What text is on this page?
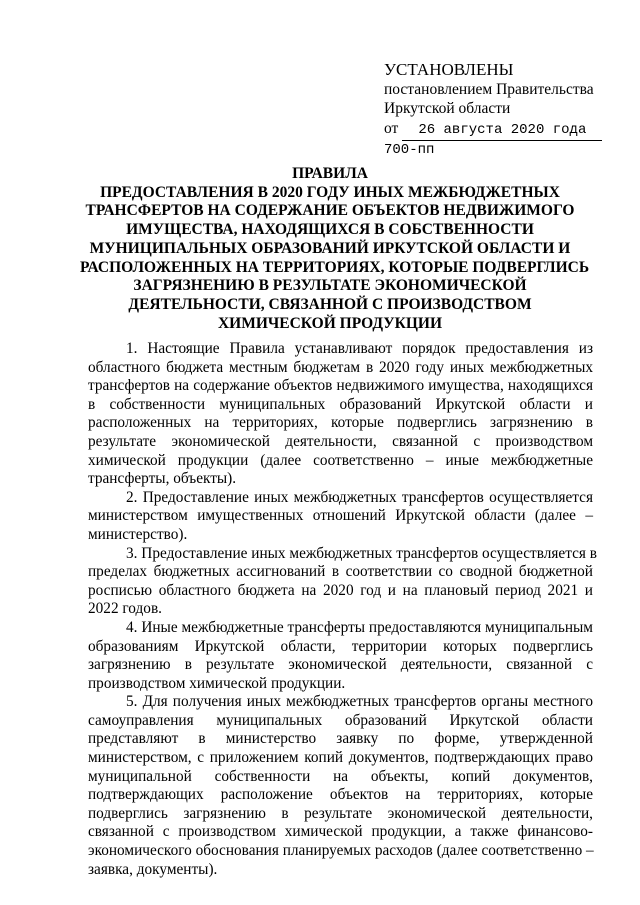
УСТАНОВЛЕНЫ
постановлением Правительства
Иркутской области
от 26 августа 2020 года
700-пп
ПРАВИЛА
ПРЕДОСТАВЛЕНИЯ В 2020 ГОДУ ИНЫХ МЕЖБЮДЖЕТНЫХ
ТРАНСФЕРТОВ НА СОДЕРЖАНИЕ ОБЪЕКТОВ НЕДВИЖИМОГО
ИМУЩЕСТВА, НАХОДЯЩИХСЯ В СОБСТВЕННОСТИ
МУНИЦИПАЛЬНЫХ ОБРАЗОВАНИЙ ИРКУТСКОЙ ОБЛАСТИ И
РАСПОЛОЖЕННЫХ НА ТЕРРИТОРИЯХ, КОТОРЫЕ ПОДВЕРГЛИСЬ
ЗАГРЯЗНЕНИЮ В РЕЗУЛЬТАТЕ ЭКОНОМИЧЕСКОЙ
ДЕЯТЕЛЬНОСТИ, СВЯЗАННОЙ С ПРОИЗВОДСТВОМ
ХИМИЧЕСКОЙ ПРОДУКЦИИ
1. Настоящие Правила устанавливают порядок предоставления из
областного бюджета местным бюджетам в 2020 году иных межбюджетных
трансфертов на содержание объектов недвижимого имущества, находящихся
в собственности муниципальных образований Иркутской области и
расположенных на территориях, которые подверглись загрязнению в
результате экономической деятельности, связанной с производством
химической продукции (далее соответственно – иные межбюджетные
трансферты, объекты).
2. Предоставление иных межбюджетных трансфертов осуществляется
министерством имущественных отношений Иркутской области (далее –
министерство).
3. Предоставление иных межбюджетных трансфертов осуществляется в
пределах бюджетных ассигнований в соответствии со сводной бюджетной
росписью областного бюджета на 2020 год и на плановый период 2021 и
2022 годов.
4. Иные межбюджетные трансферты предоставляются муниципальным
образованиям Иркутской области, территории которых подверглись
загрязнению в результате экономической деятельности, связанной с
производством химической продукции.
5. Для получения иных межбюджетных трансфертов органы местного
самоуправления муниципальных образований Иркутской области
представляют в министерство заявку по форме, утвержденной
министерством, с приложением копий документов, подтверждающих право
муниципальной собственности на объекты, копий документов,
подтверждающих расположение объектов на территориях, которые
подверглись загрязнению в результате экономической деятельности,
связанной с производством химической продукции, а также финансово-
экономического обоснования планируемых расходов (далее соответственно –
заявка, документы).
